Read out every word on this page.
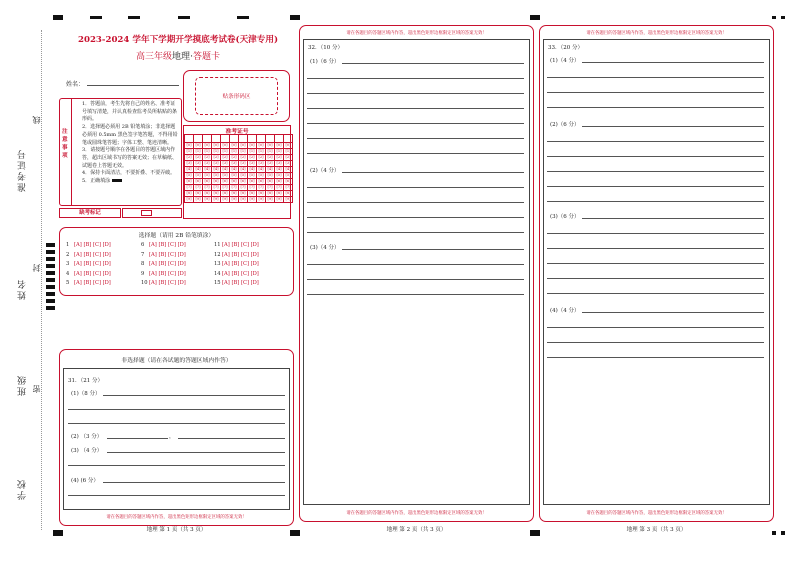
准考证号
姓名
班级
学校
线
封
密
2023-2024 学年下学期开学摸底考试卷(天津专用)
高三年级地理·答题卡
姓名：
贴条形码区
注意事项
1．答题前，考生先将自己的姓名、准考证号填写清楚，并认真检查监考员所粘贴的条形码。
2．选择题必须用 2B 铅笔填涂；非选择题必须用 0.5mm 黑色签字笔答题，不得用铅笔或圆珠笔答题；字体工整、笔迹清晰。
3．请按题号顺序在各题目的答题区域内作答，超出区域书写的答案无效；在草稿纸、试题卷上答题无效。
4．保持卡面清洁，不要折叠、不要弄破。
5．正确填涂
准考证号

[0]	[0]	[0]	[0]	[0]	[0]	[0]	[0]	[0]	[0]	[0]	[0]
[1]	[1]	[1]	[1]	[1]	[1]	[1]	[1]	[1]	[1]	[1]	[1]
[2]	[2]	[2]	[2]	[2]	[2]	[2]	[2]	[2]	[2]	[2]	[2]
[3]	[3]	[3]	[3]	[3]	[3]	[3]	[3]	[3]	[3]	[3]	[3]
[4]	[4]	[4]	[4]	[4]	[4]	[4]	[4]	[4]	[4]	[4]	[4]
[5]	[5]	[5]	[5]	[5]	[5]	[5]	[5]	[5]	[5]	[5]	[5]
[6]	[6]	[6]	[6]	[6]	[6]	[6]	[6]	[6]	[6]	[6]	[6]
[7]	[7]	[7]	[7]	[7]	[7]	[7]	[7]	[7]	[7]	[7]	[7]
[8]	[8]	[8]	[8]	[8]	[8]	[8]	[8]	[8]	[8]	[8]	[8]
[9]	[9]	[9]	[9]	[9]	[9]	[9]	[9]	[9]	[9]	[9]	[9]
缺考标记
选择题（请用 2B 铅笔填涂）
1 [A] [B] [C] [D]
2 [A] [B] [C] [D]
3 [A] [B] [C] [D]
4 [A] [B] [C] [D]
5 [A] [B] [C] [D]
6 [A] [B] [C] [D]
7 [A] [B] [C] [D]
8 [A] [B] [C] [D]
9 [A] [B] [C] [D]
10[A] [B] [C] [D]
11[A] [B] [C] [D]
12[A] [B] [C] [D]
13[A] [B] [C] [D]
14[A] [B] [C] [D]
15[A] [B] [C] [D]
非选择题（请在各试题的答题区域内作答）
31．（21 分）
(1)（8 分）
(2) （3 分）	，
(3) （4 分）
(4) (6 分）
请在各题目的答题区域内作答，超出黑色矩形边框限定区域的答案无效！
地理 第 1 页（共 3 页）
请在各题目的答题区域内作答，超出黑色矩形边框限定区域的答案无效！
32．（10 分）
(1)（6 分）
(2)（4 分）
(3)（4 分）
请在各题目的答题区域内作答，超出黑色矩形边框限定区域的答案无效！
地理 第 2 页（共 3 页）
请在各题目的答题区域内作答，超出黑色矩形边框限定区域的答案无效！
33．（20 分）
(1)（4 分）
(2)（6 分）
(3)（6 分）
(4)（4 分）
请在各题目的答题区域内作答，超出黑色矩形边框限定区域的答案无效！
地理 第 3 页（共 3 页）
